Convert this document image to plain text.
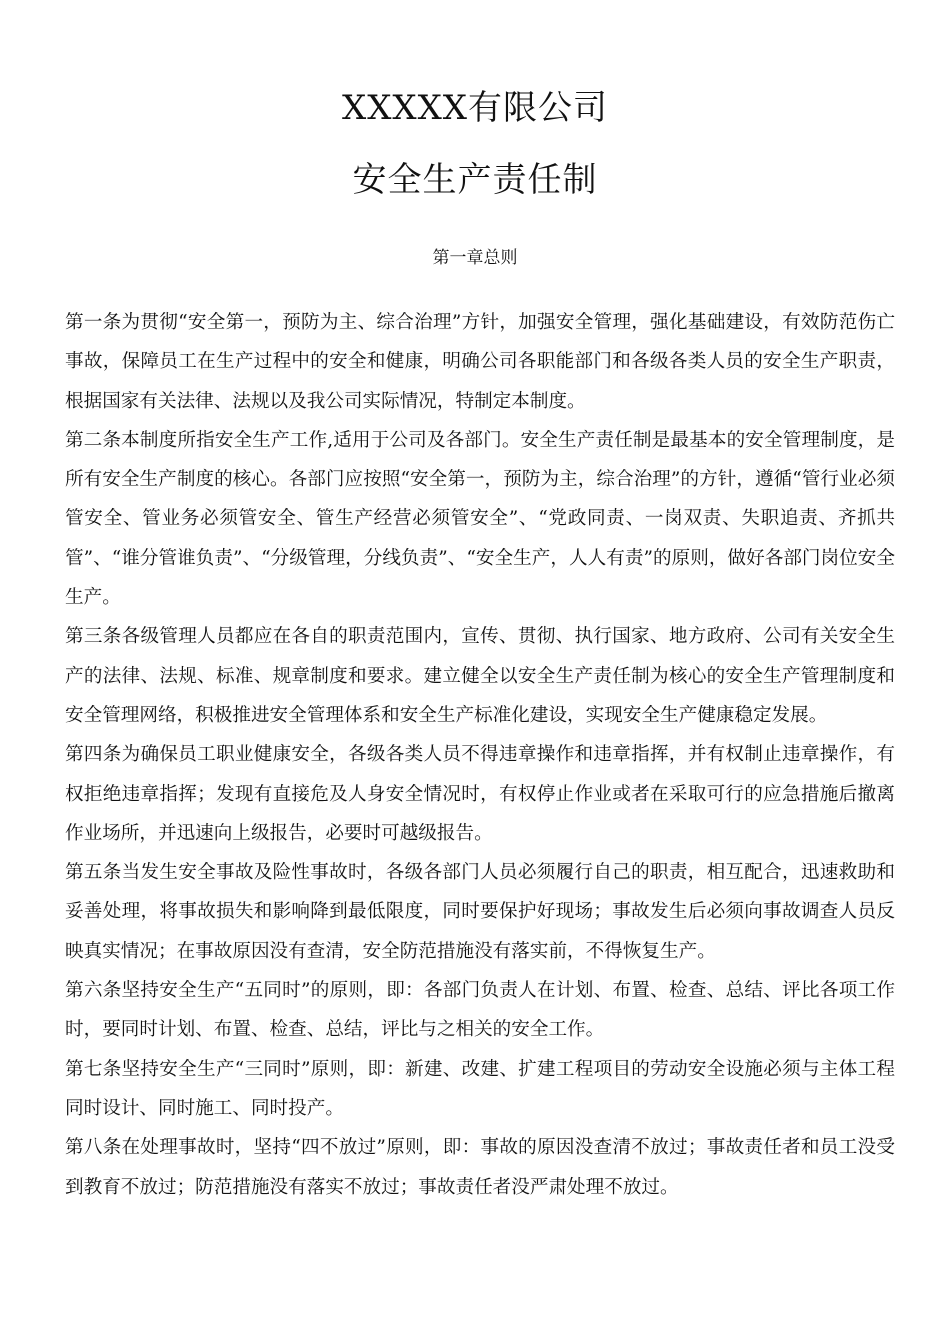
XXXXX有限公司
安全生产责任制
第一章总则

第一条为贯彻“安全第一，预防为主、综合治理”方针，加强安全管理，强化基础建设，有效防范伤亡事故，保障员工在生产过程中的安全和健康，明确公司各职能部门和各级各类人员的安全生产职责，根据国家有关法律、法规以及我公司实际情况，特制定本制度。

第二条本制度所指安全生产工作,适用于公司及各部门。安全生产责任制是最基本的安全管理制度，是所有安全生产制度的核心。各部门应按照“安全第一，预防为主，综合治理”的方针，遵循“管行业必须管安全、管业务必须管安全、管生产经营必须管安全”、“党政同责、一岗双责、失职追责、齐抓共管”、“谁分管谁负责”、“分级管理，分线负责”、“安全生产，人人有责”的原则，做好各部门岗位安全生产。

第三条各级管理人员都应在各自的职责范围内，宣传、贯彻、执行国家、地方政府、公司有关安全生产的法律、法规、标准、规章制度和要求。建立健全以安全生产责任制为核心的安全生产管理制度和安全管理网络，积极推进安全管理体系和安全生产标准化建设，实现安全生产健康稳定发展。

第四条为确保员工职业健康安全，各级各类人员不得违章操作和违章指挥，并有权制止违章操作，有权拒绝违章指挥；发现有直接危及人身安全情况时，有权停止作业或者在采取可行的应急措施后撤离作业场所，并迅速向上级报告，必要时可越级报告。

第五条当发生安全事故及险性事故时，各级各部门人员必须履行自己的职责，相互配合，迅速救助和妥善处理，将事故损失和影响降到最低限度，同时要保护好现场；事故发生后必须向事故调查人员反映真实情况；在事故原因没有查清，安全防范措施没有落实前，不得恢复生产。

第六条坚持安全生产“五同时”的原则，即：各部门负责人在计划、布置、检查、总结、评比各项工作时，要同时计划、布置、检查、总结，评比与之相关的安全工作。

第七条坚持安全生产“三同时”原则，即：新建、改建、扩建工程项目的劳动安全设施必须与主体工程同时设计、同时施工、同时投产。

第八条在处理事故时，坚持“四不放过”原则，即：事故的原因没查清不放过；事故责任者和员工没受到教育不放过；防范措施没有落实不放过；事故责任者没严肃处理不放过。
